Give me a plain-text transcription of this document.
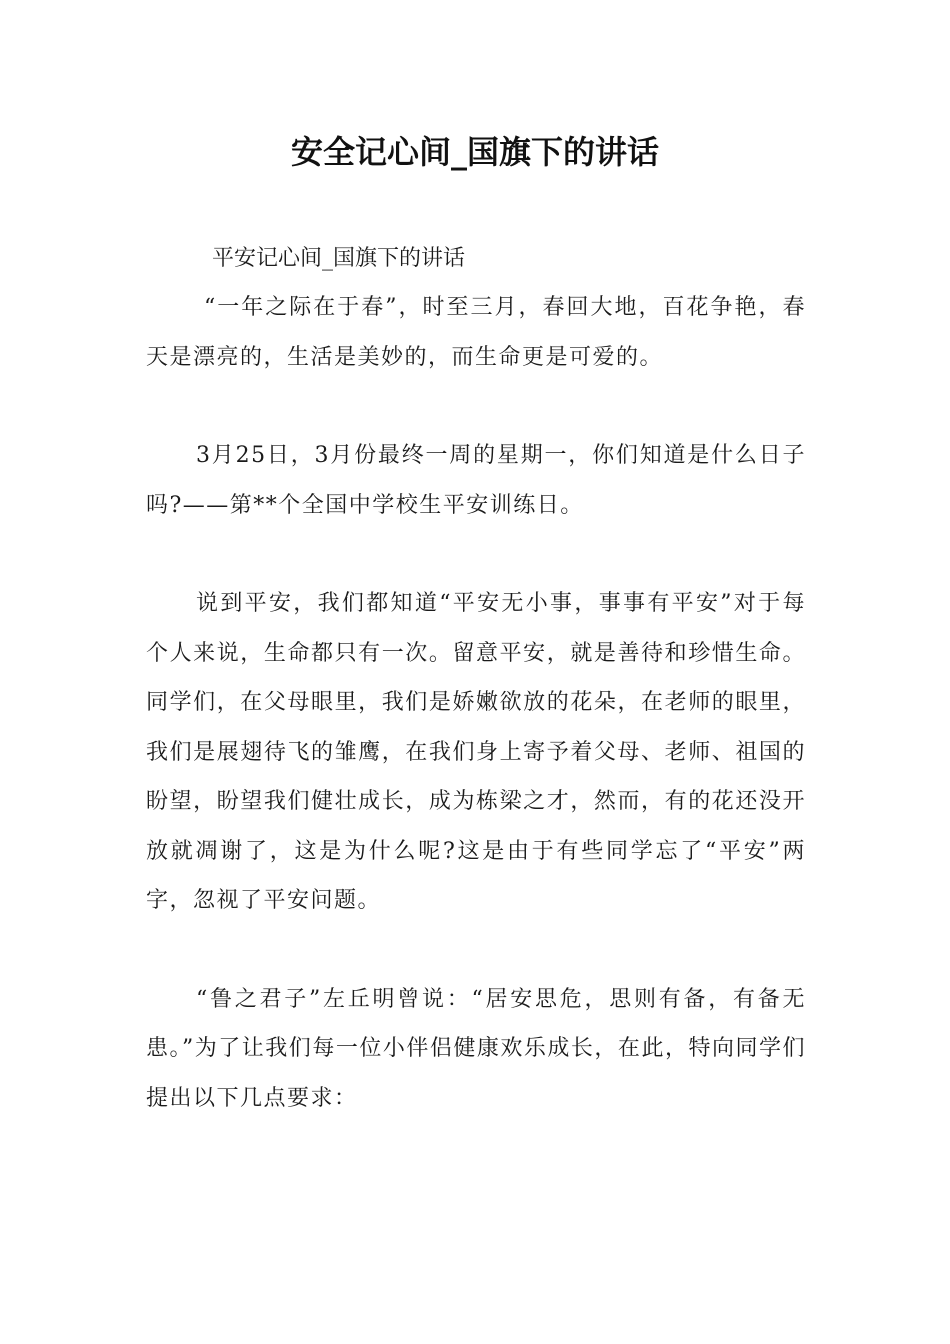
安全记心间_国旗下的讲话

平安记心间_国旗下的讲话

“一年之际在于春”，时至三月，春回大地，百花争艳，春天是漂亮的，生活是美妙的，而生命更是可爱的。

3月25日，3月份最终一周的星期一，你们知道是什么日子吗?——第**个全国中学校生平安训练日。

说到平安，我们都知道“平安无小事，事事有平安”对于每个人来说，生命都只有一次。留意平安，就是善待和珍惜生命。同学们，在父母眼里，我们是娇嫩欲放的花朵，在老师的眼里，我们是展翅待飞的雏鹰，在我们身上寄予着父母、老师、祖国的盼望，盼望我们健壮成长，成为栋梁之才，然而，有的花还没开放就凋谢了，这是为什么呢?这是由于有些同学忘了“平安”两字，忽视了平安问题。

“鲁之君子”左丘明曾说：“居安思危，思则有备，有备无患。”为了让我们每一位小伴侣健康欢乐成长，在此，特向同学们提出以下几点要求：
